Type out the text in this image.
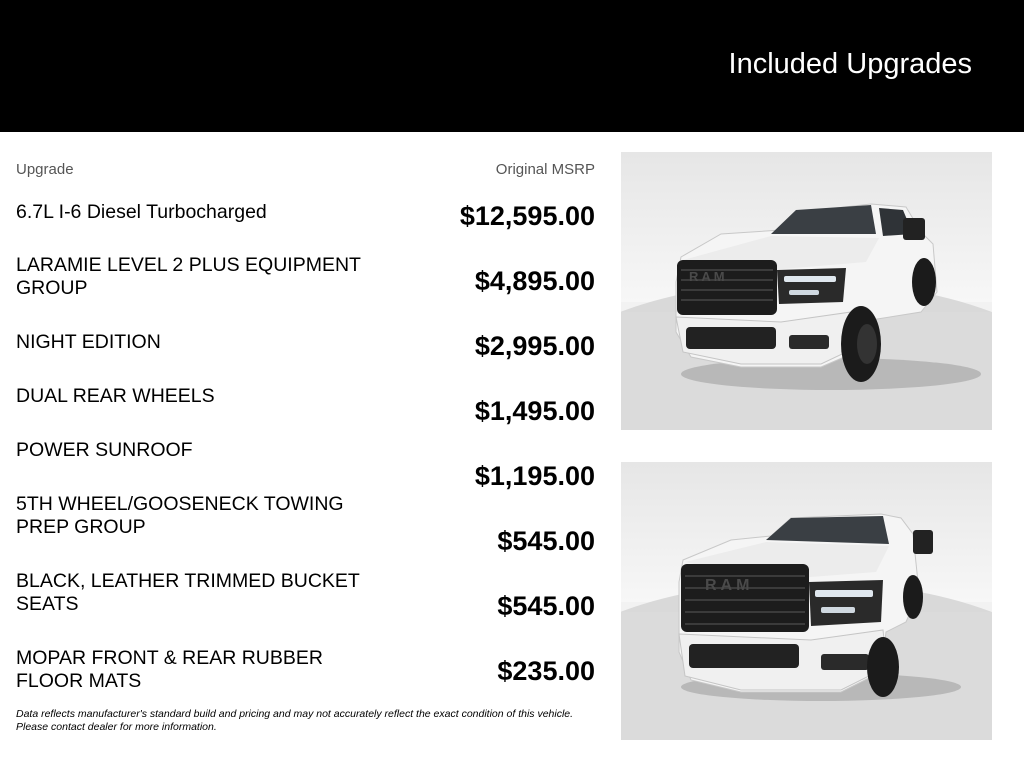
Included Upgrades
Upgrade	Original MSRP
6.7L I-6 Diesel Turbocharged
LARAMIE LEVEL 2 PLUS EQUIPMENT GROUP
NIGHT EDITION
DUAL REAR WHEELS
POWER SUNROOF
5TH WHEEL/GOOSENECK TOWING PREP GROUP
BLACK, LEATHER TRIMMED BUCKET SEATS
MOPAR FRONT & REAR RUBBER FLOOR MATS
$12,595.00
$4,895.00
$2,995.00
$1,495.00
$1,195.00
$545.00
$545.00
$235.00
Data reflects manufacturer's standard build and pricing and may not accurately reflect the exact condition of this vehicle. Please contact dealer for more information.
RAM
RAM
